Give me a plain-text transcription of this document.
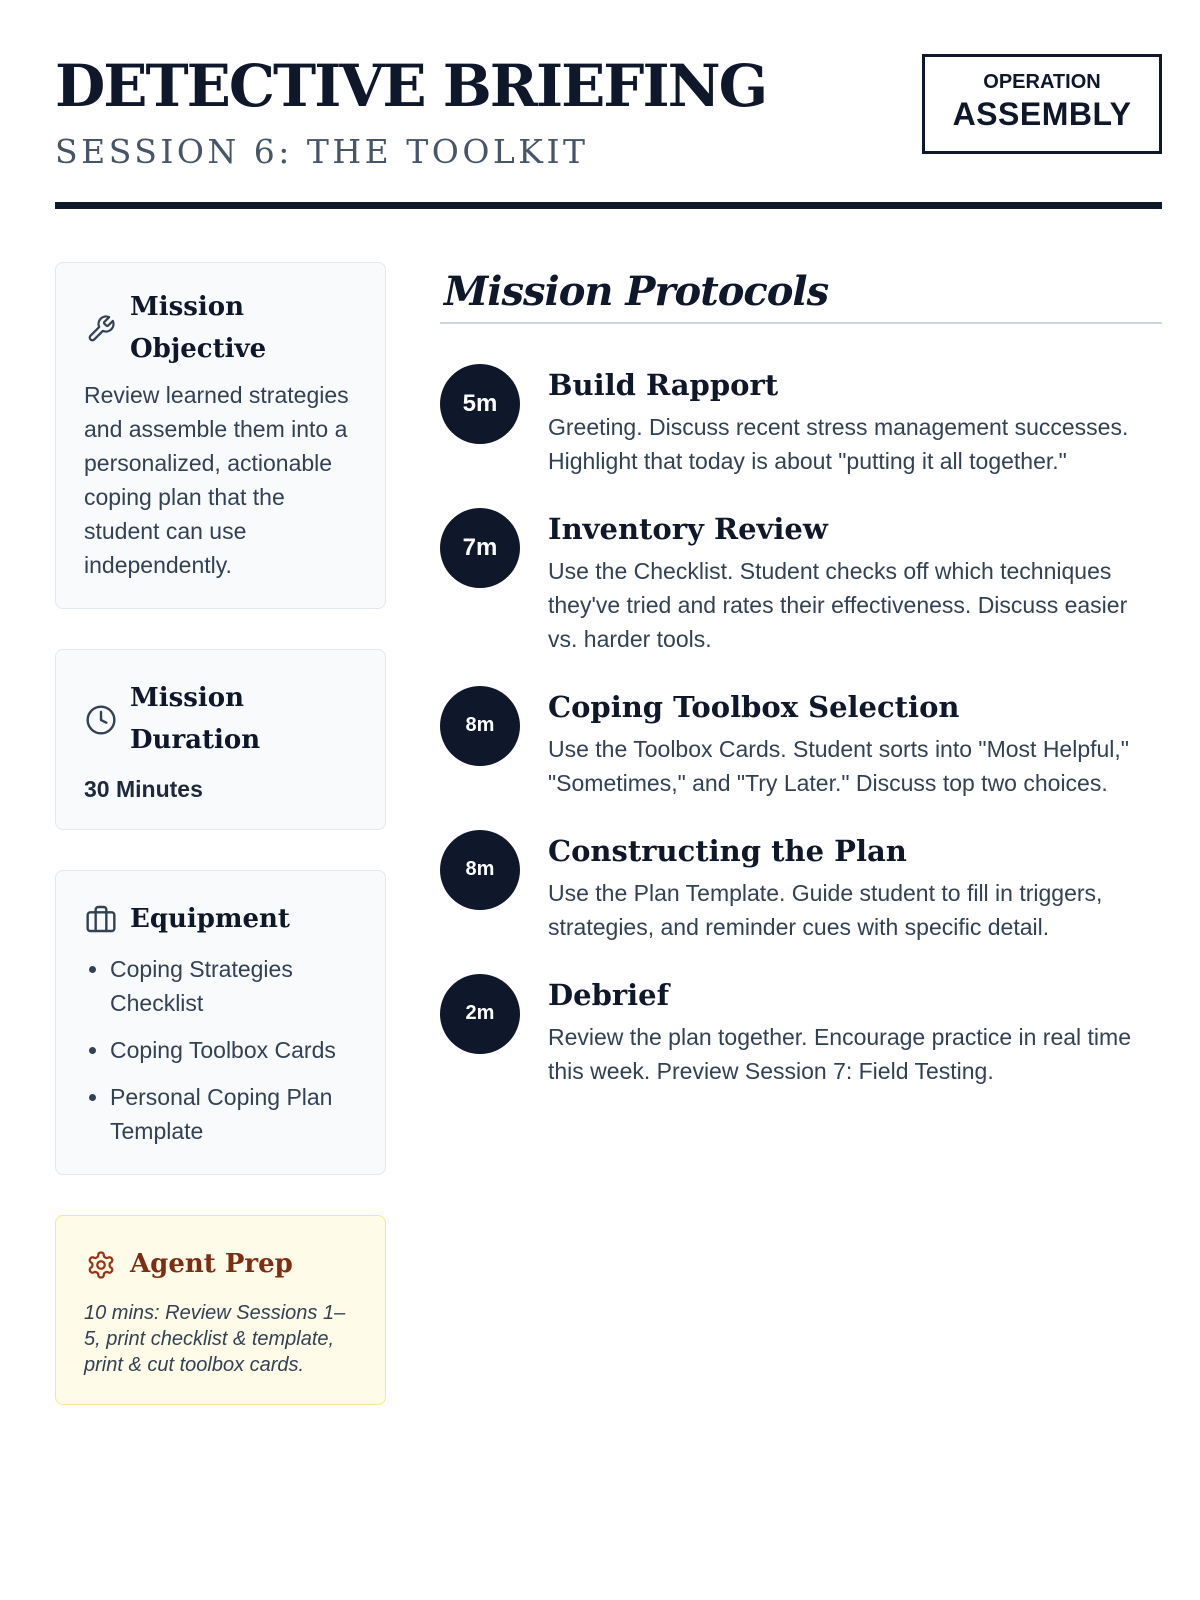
DETECTIVE BRIEFING
SESSION 6: THE TOOLKIT
OPERATION
ASSEMBLY
Mission Objective
Review learned strategies and assemble them into a personalized, actionable coping plan that the student can use independently.
Mission Duration
30 Minutes
Equipment
• Coping Strategies Checklist
• Coping Toolbox Cards
• Personal Coping Plan Template
Agent Prep
10 mins: Review Sessions 1–5, print checklist & template, print & cut toolbox cards.
Mission Protocols
5m
Build Rapport
Greeting. Discuss recent stress management successes. Highlight that today is about "putting it all together."
7m
Inventory Review
Use the Checklist. Student checks off which techniques they've tried and rates their effectiveness. Discuss easier vs. harder tools.
8m
Coping Toolbox Selection
Use the Toolbox Cards. Student sorts into "Most Helpful," "Sometimes," and "Try Later." Discuss top two choices.
8m
Constructing the Plan
Use the Plan Template. Guide student to fill in triggers, strategies, and reminder cues with specific detail.
2m
Debrief
Review the plan together. Encourage practice in real time this week. Preview Session 7: Field Testing.
